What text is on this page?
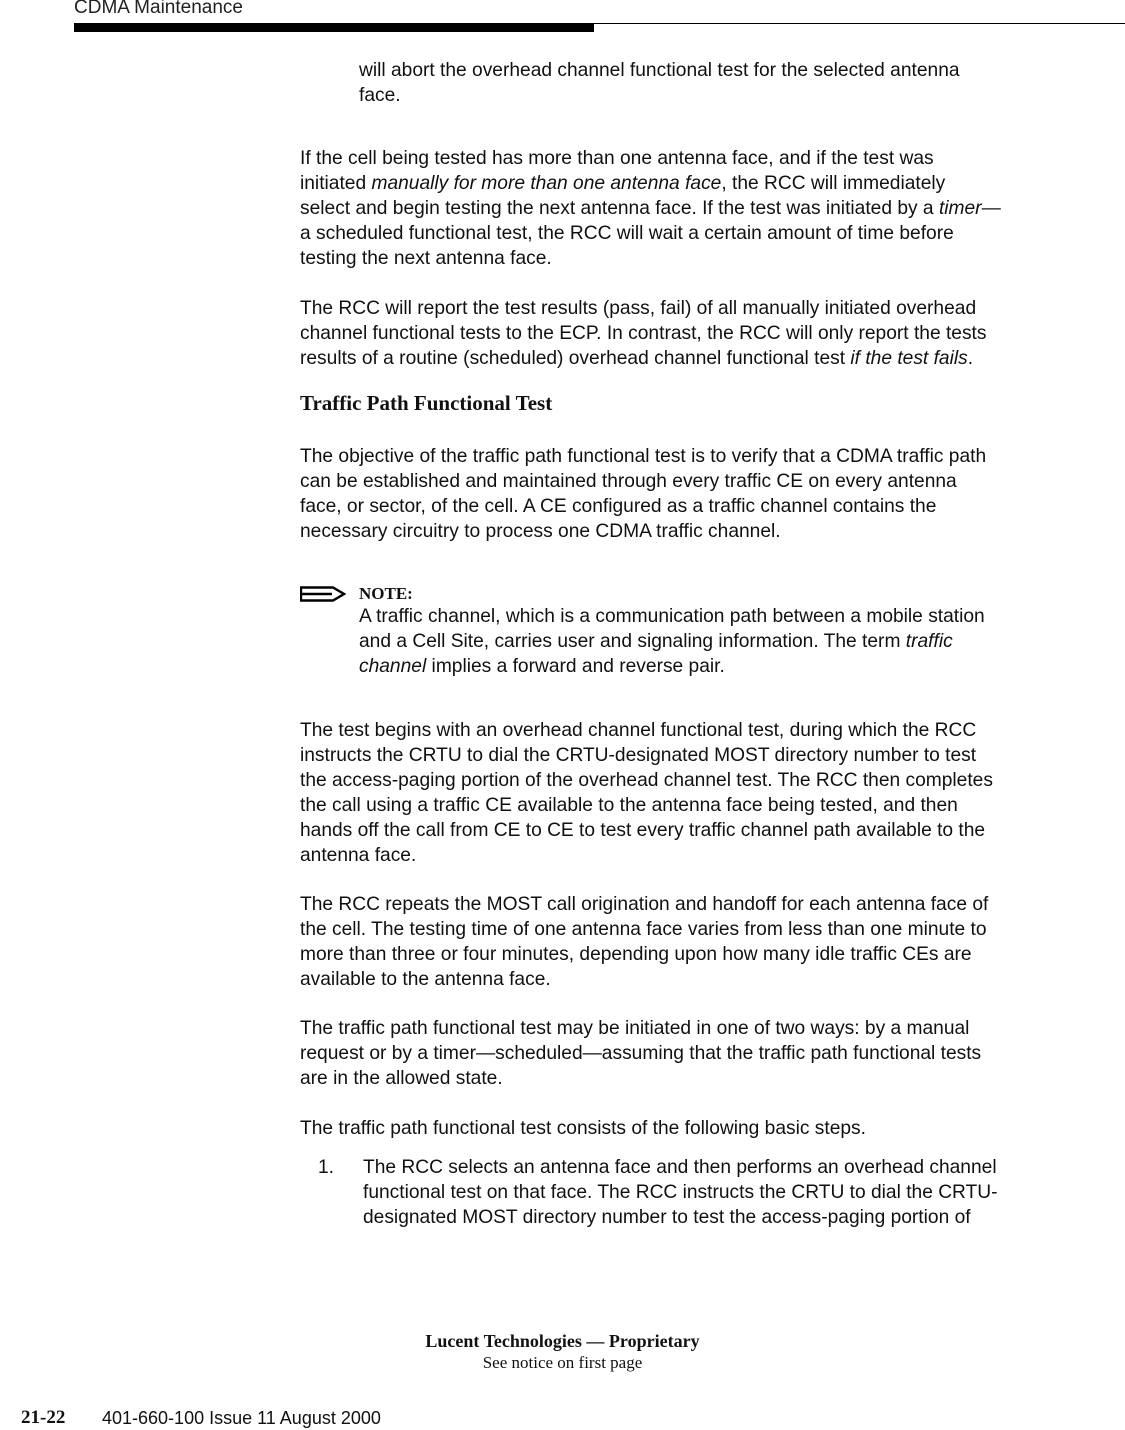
CDMA Maintenance

will abort the overhead channel functional test for the selected antenna
face.

If the cell being tested has more than one antenna face, and if the test was
initiated manually for more than one antenna face, the RCC will immediately
select and begin testing the next antenna face. If the test was initiated by a timer—
a scheduled functional test, the RCC will wait a certain amount of time before
testing the next antenna face.

The RCC will report the test results (pass, fail) of all manually initiated overhead
channel functional tests to the ECP. In contrast, the RCC will only report the tests
results of a routine (scheduled) overhead channel functional test if the test fails.

Traffic Path Functional Test

The objective of the traffic path functional test is to verify that a CDMA traffic path
can be established and maintained through every traffic CE on every antenna
face, or sector, of the cell. A CE configured as a traffic channel contains the
necessary circuitry to process one CDMA traffic channel.

NOTE:

A traffic channel, which is a communication path between a mobile station
and a Cell Site, carries user and signaling information. The term traffic
channel implies a forward and reverse pair.

The test begins with an overhead channel functional test, during which the RCC
instructs the CRTU to dial the CRTU-designated MOST directory number to test
the access-paging portion of the overhead channel test. The RCC then completes
the call using a traffic CE available to the antenna face being tested, and then
hands off the call from CE to CE to test every traffic channel path available to the
antenna face.

The RCC repeats the MOST call origination and handoff for each antenna face of
the cell. The testing time of one antenna face varies from less than one minute to
more than three or four minutes, depending upon how many idle traffic CEs are
available to the antenna face.

The traffic path functional test may be initiated in one of two ways: by a manual
request or by a timer—scheduled—assuming that the traffic path functional tests
are in the allowed state.

The traffic path functional test consists of the following basic steps.

1. The RCC selects an antenna face and then performs an overhead channel
functional test on that face. The RCC instructs the CRTU to dial the CRTU-
designated MOST directory number to test the access-paging portion of

Lucent Technologies — Proprietary
See notice on first page
21-22 401-660-100 Issue 11 August 2000
